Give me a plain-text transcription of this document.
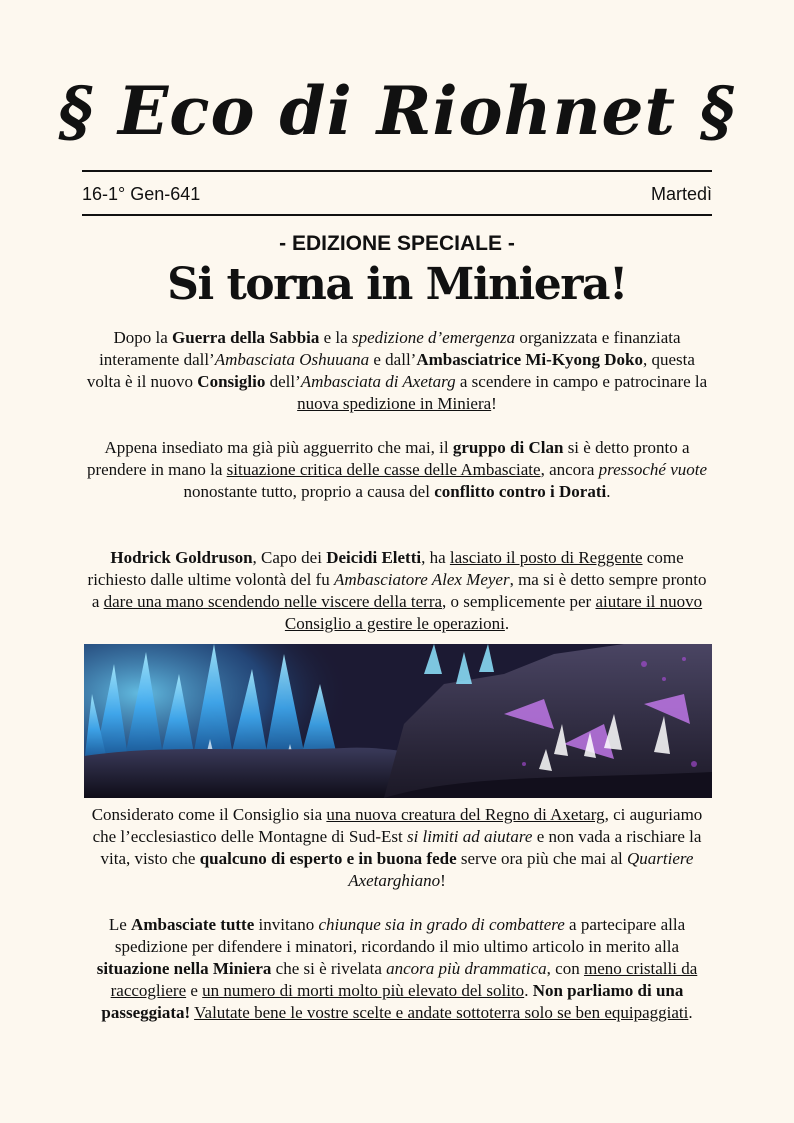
§ Eco di Riohnet §
16-1° Gen-641	Martedì
- EDIZIONE SPECIALE -
Si torna in Miniera!
Dopo la Guerra della Sabbia e la spedizione d’emergenza organizzata e finanziata interamente dall’Ambasciata Oshuuana e dall’Ambasciatrice Mi-Kyong Doko, questa volta è il nuovo Consiglio dell’Ambasciata di Axetarg a scendere in campo e patrocinare la nuova spedizione in Miniera!
Appena insediato ma già più agguerrito che mai, il gruppo di Clan si è detto pronto a prendere in mano la situazione critica delle casse delle Ambasciate, ancora pressoché vuote nonostante tutto, proprio a causa del conflitto contro i Dorati.
Hodrick Goldruson, Capo dei Deicidi Eletti, ha lasciato il posto di Reggente come richiesto dalle ultime volontà del fu Ambasciatore Alex Meyer, ma si è detto sempre pronto a dare una mano scendendo nelle viscere della terra, o semplicemente per aiutare il nuovo Consiglio a gestire le operazioni.
Considerato come il Consiglio sia una nuova creatura del Regno di Axetarg, ci auguriamo che l’ecclesiastico delle Montagne di Sud-Est si limiti ad aiutare e non vada a rischiare la vita, visto che qualcuno di esperto e in buona fede serve ora più che mai al Quartiere Axetarghiano!
Le Ambasciate tutte invitano chiunque sia in grado di combattere a partecipare alla spedizione per difendere i minatori, ricordando il mio ultimo articolo in merito alla situazione nella Miniera che si è rivelata ancora più drammatica, con meno cristalli da raccogliere e un numero di morti molto più elevato del solito. Non parliamo di una passeggiata! Valutate bene le vostre scelte e andate sottoterra solo se ben equipaggiati.
